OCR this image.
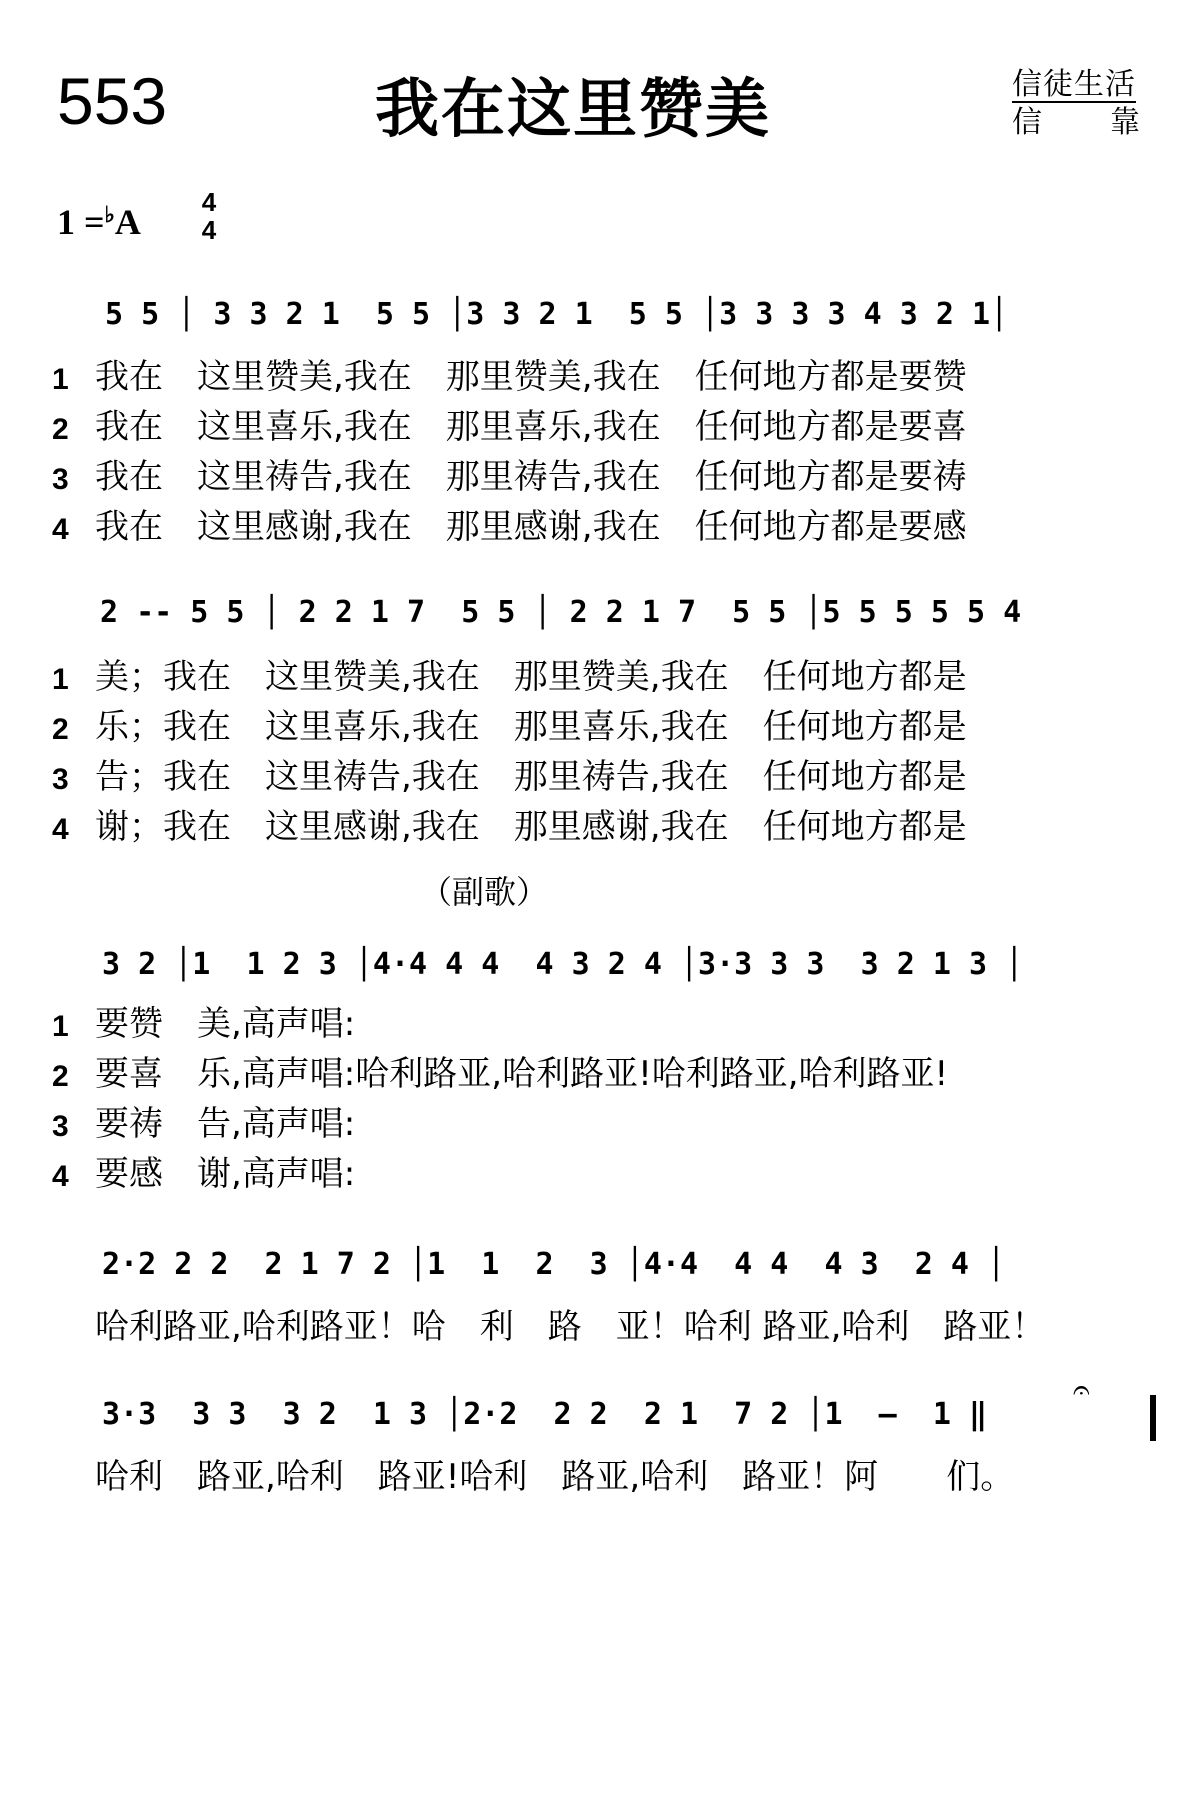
553	我在这里赞美	信徒生活
信 靠
1 =♭A 4
4
5 5 │ 3 3 2 1  5 5 │3 3 2 1  5 5 │3 3 3 3 4 3 2 1│
1 我在　这里赞美,我在　那里赞美,我在　任何地方都是要赞
2 我在　这里喜乐,我在　那里喜乐,我在　任何地方都是要喜
3 我在　这里祷告,我在　那里祷告,我在　任何地方都是要祷
4 我在　这里感谢,我在　那里感谢,我在　任何地方都是要感
2 -- 5 5 │ 2 2 1 7  5 5 │ 2 2 1 7  5 5 │5 5 5 5 5 4
1 美；我在　这里赞美,我在　那里赞美,我在　任何地方都是
2 乐；我在　这里喜乐,我在　那里喜乐,我在　任何地方都是
3 告；我在　这里祷告,我在　那里祷告,我在　任何地方都是
4 谢；我在　这里感谢,我在　那里感谢,我在　任何地方都是
（副歌）
3 2 │1  1 2 3 │4·4 4 4  4 3 2 4 │3·3 3 3  3 2 1 3 │
1 要赞　美,高声唱:
2 要喜　乐,高声唱:哈利路亚,哈利路亚!哈利路亚,哈利路亚!
3 要祷　告,高声唱:
4 要感　谢,高声唱:
2·2 2 2  2 1 7 2 │1  1  2  3 │4·4  4 4  4 3  2 4 │
哈利路亚,哈利路亚！哈　利　路　亚！哈利 路亚,哈利　路亚！
𝄐
3·3  3 3  3 2  1 3 │2·2  2 2  2 1  7 2 │1  –  1 ‖
哈利　路亚,哈利　路亚!哈利　路亚,哈利　路亚！阿　　们。
